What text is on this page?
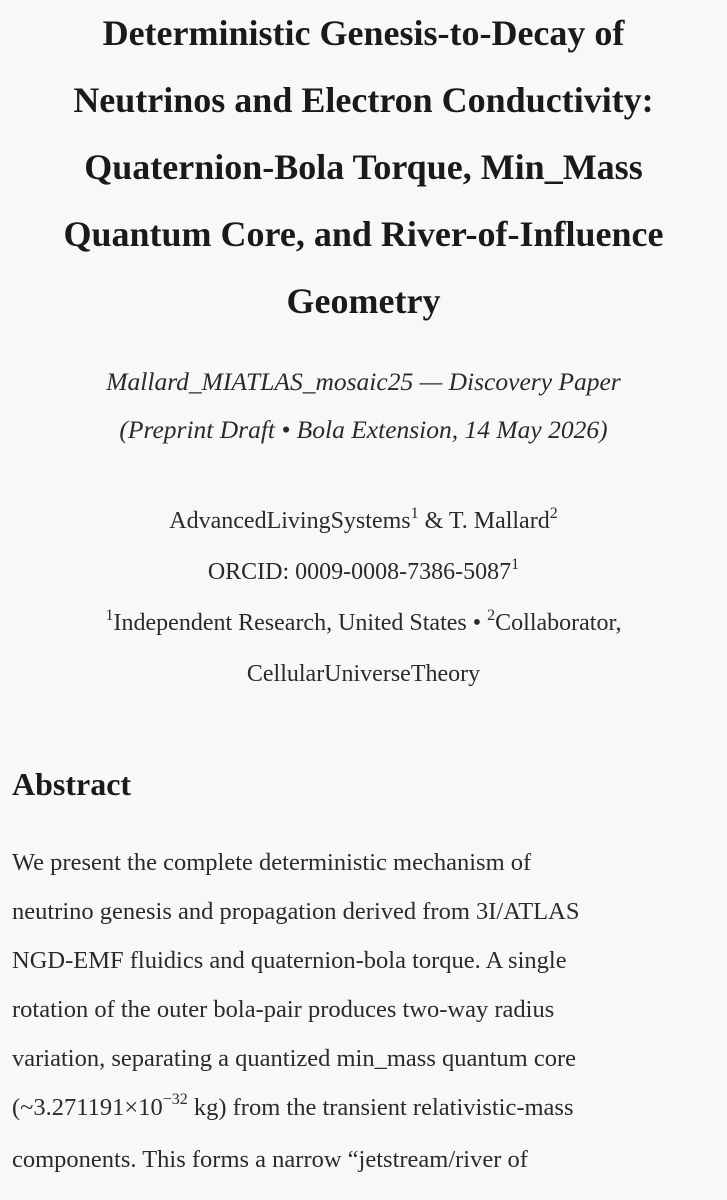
Deterministic Genesis-to-Decay of
Neutrinos and Electron Conductivity:
Quaternion-Bola Torque, Min_Mass
Quantum Core, and River-of-Influence
Geometry
Mallard_MIATLAS_mosaic25 — Discovery Paper
(Preprint Draft • Bola Extension, 14 May 2026)
AdvancedLivingSystems$^1$ & T. Mallard$^2$
ORCID: 0009-0008-7386-5087$^1$
$^1$Independent Research, United States • $^2$Collaborator,
CellularUniverseTheory
Abstract
We present the complete deterministic mechanism of
neutrino genesis and propagation derived from 3I/ATLAS
NGD-EMF fluidics and quaternion-bola torque. A single
rotation of the outer bola-pair produces two-way radius
variation, separating a quantized min_mass quantum core
($\sim 3.271191\times 10^{-32}$ kg) from the transient relativistic-mass
components. This forms a narrow “jetstream/river of
